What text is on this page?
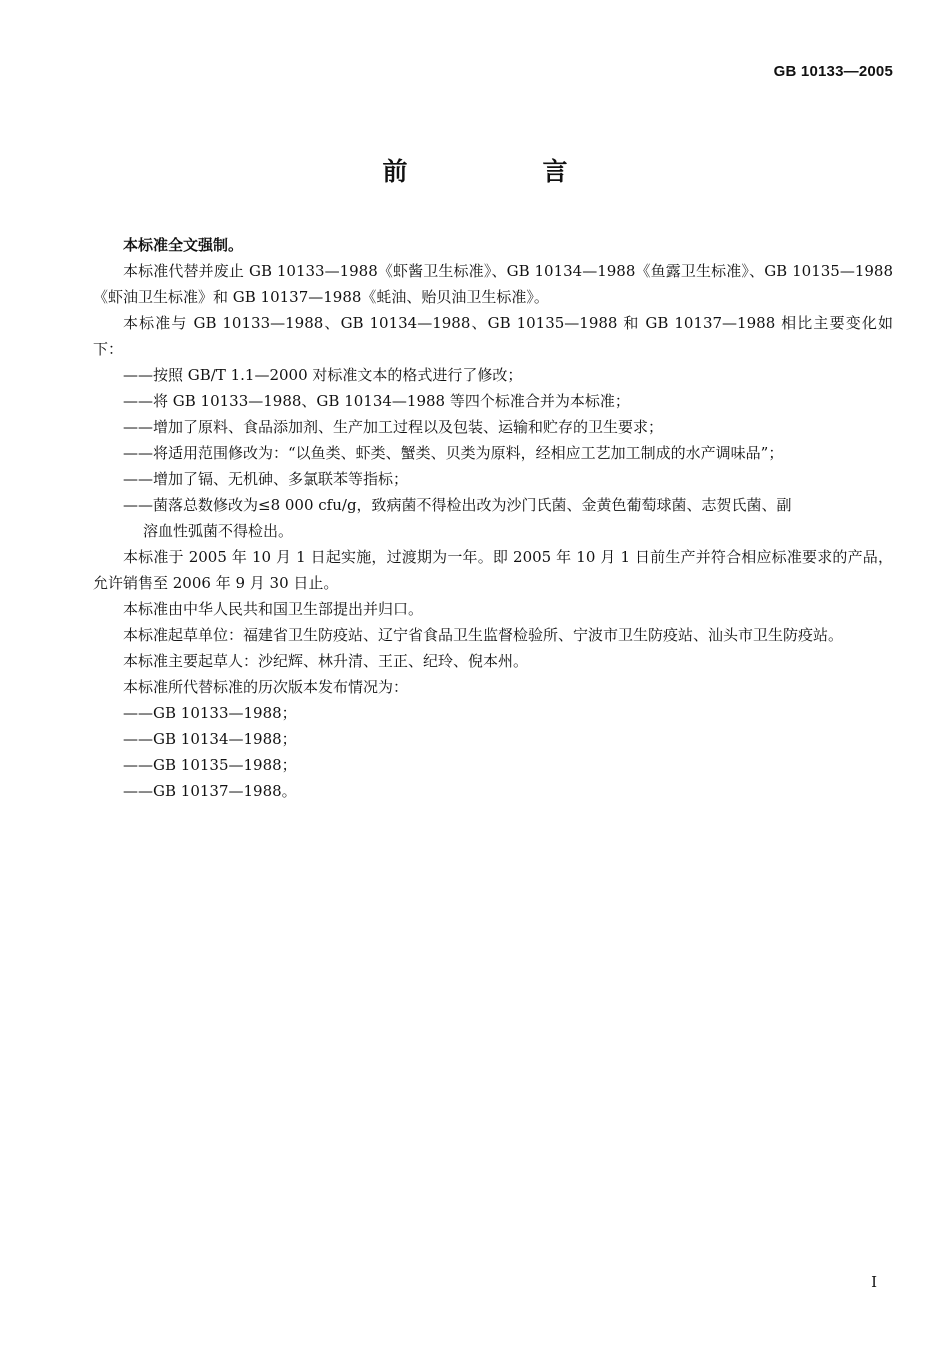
GB 10133—2005
前　言

本标准全文强制。

本标准代替并废止 GB 10133—1988《虾酱卫生标准》、GB 10134—1988《鱼露卫生标准》、GB 10135—1988《虾油卫生标准》和 GB 10137—1988《蚝油、贻贝油卫生标准》。

本标准与 GB 10133—1988、GB 10134—1988、GB 10135—1988 和 GB 10137—1988 相比主要变化如下：

——按照 GB/T 1.1—2000 对标准文本的格式进行了修改；

——将 GB 10133—1988、GB 10134—1988 等四个标准合并为本标准；

——增加了原料、食品添加剂、生产加工过程以及包装、运输和贮存的卫生要求；

——将适用范围修改为：“以鱼类、虾类、蟹类、贝类为原料，经相应工艺加工制成的水产调味品”；

——增加了镉、无机砷、多氯联苯等指标；

——菌落总数修改为≤8 000 cfu/g，致病菌不得检出改为沙门氏菌、金黄色葡萄球菌、志贺氏菌、副

溶血性弧菌不得检出。

本标准于 2005 年 10 月 1 日起实施，过渡期为一年。即 2005 年 10 月 1 日前生产并符合相应标准要求的产品，允许销售至 2006 年 9 月 30 日止。

本标准由中华人民共和国卫生部提出并归口。

本标准起草单位：福建省卫生防疫站、辽宁省食品卫生监督检验所、宁波市卫生防疫站、汕头市卫生防疫站。

本标准主要起草人：沙纪辉、林升清、王正、纪玲、倪本州。

本标准所代替标准的历次版本发布情况为：

——GB 10133—1988；

——GB 10134—1988；

——GB 10135—1988；

——GB 10137—1988。

I
